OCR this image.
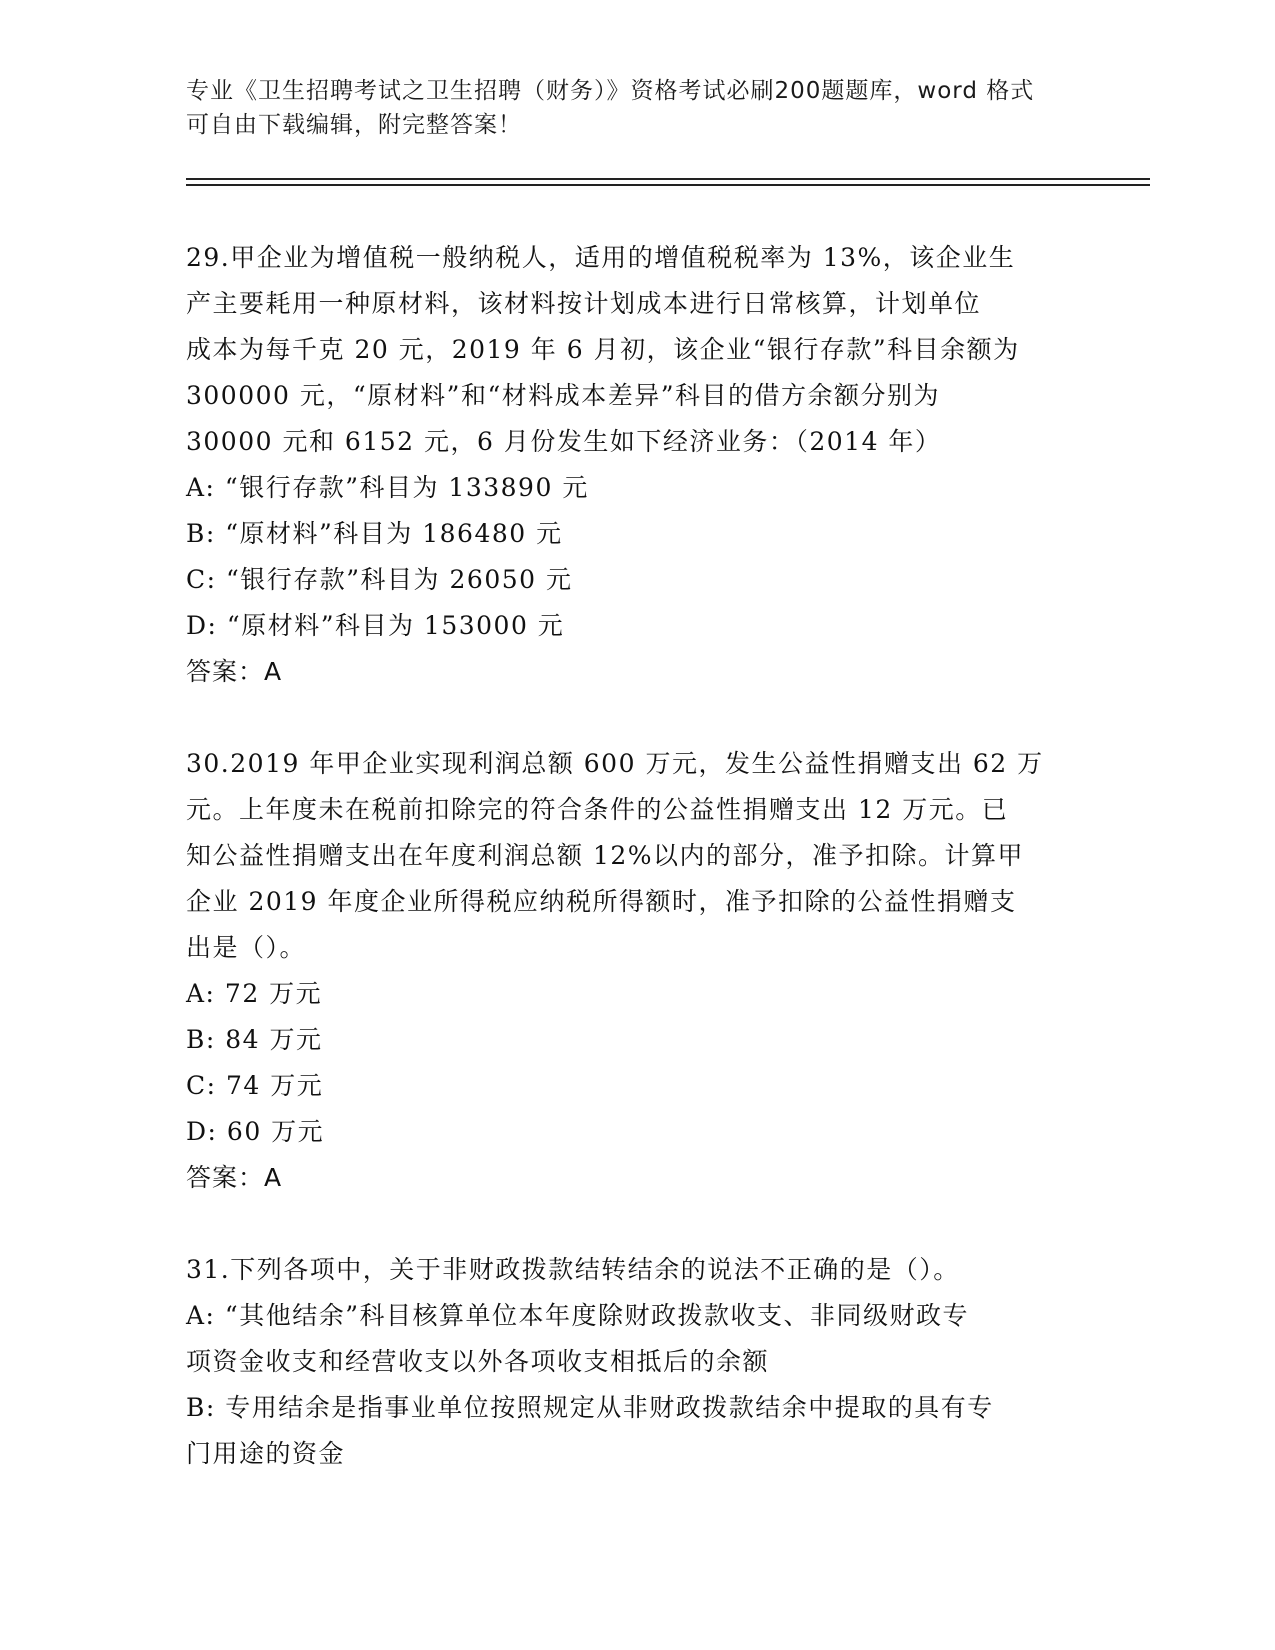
专业《卫生招聘考试之卫生招聘（财务）》资格考试必刷200题题库，word 格式
可自由下载编辑，附完整答案！
29.甲企业为增值税一般纳税人，适用的增值税税率为 13%，该企业生
产主要耗用一种原材料，该材料按计划成本进行日常核算，计划单位
成本为每千克 20 元，2019 年 6 月初，该企业“银行存款”科目余额为
300000 元，“原材料”和“材料成本差异”科目的借方余额分别为
30000 元和 6152 元，6 月份发生如下经济业务：（2014 年）
A: “银行存款”科目为 133890 元
B: “原材料”科目为 186480 元
C: “银行存款”科目为 26050 元
D: “原材料”科目为 153000 元
答案：A
30.2019 年甲企业实现利润总额 600 万元，发生公益性捐赠支出 62 万
元。上年度未在税前扣除完的符合条件的公益性捐赠支出 12 万元。已
知公益性捐赠支出在年度利润总额 12%以内的部分，准予扣除。计算甲
企业 2019 年度企业所得税应纳税所得额时，准予扣除的公益性捐赠支
出是（）。
A: 72 万元
B: 84 万元
C: 74 万元
D: 60 万元
答案：A
31.下列各项中，关于非财政拨款结转结余的说法不正确的是（）。
A: “其他结余”科目核算单位本年度除财政拨款收支、非同级财政专
项资金收支和经营收支以外各项收支相抵后的余额
B: 专用结余是指事业单位按照规定从非财政拨款结余中提取的具有专
门用途的资金
